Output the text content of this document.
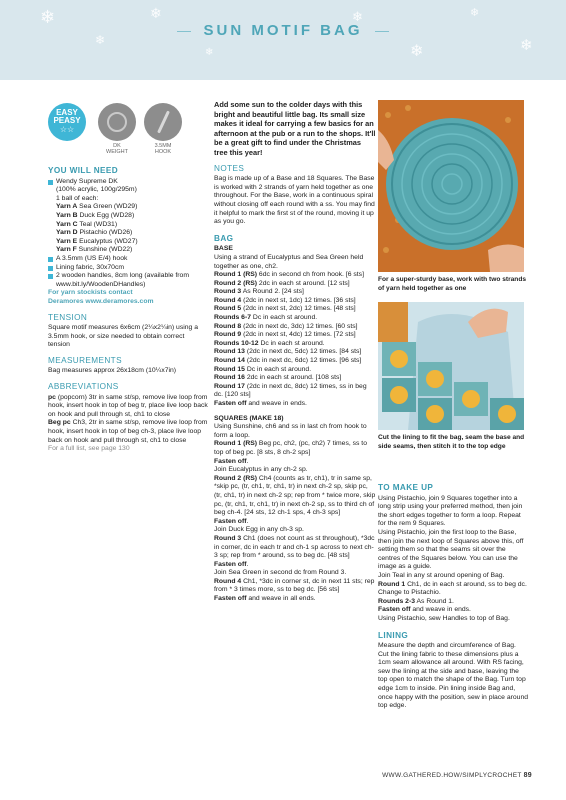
❄
❄
❄
❄
❄
❄
❄
❄
— SUN MOTIF BAG —
EASY
PEASY
☆☆
DK
WEIGHT
3.5MM
HOOK
YOU WILL NEED
Wendy Supreme DK
(100% acrylic, 100g/295m)
1 ball of each:
Yarn A Sea Green (WD29)
Yarn B Duck Egg (WD28)
Yarn C Teal (WD31)
Yarn D Pistachio (WD26)
Yarn E Eucalyptus (WD27)
Yarn F Sunshine (WD22)
A 3.5mm (US E/4) hook
Lining fabric, 30x70cm
2 wooden handles, 8cm long (available from www.bit.ly/WoodenDHandles)
For yarn stockists contact
Deramores www.deramores.com
TENSION
Square motif measures 6x6cm (2¼x2¼in) using a 3.5mm hook, or size needed to obtain correct tension
MEASUREMENTS
Bag measures approx 26x18cm (10¼x7in)
ABBREVIATIONS
pc (popcorn) 3tr in same st/sp, remove live loop from hook, insert hook in top of beg tr, place live loop back on hook and pull through st, ch1 to close
Beg pc Ch3, 2tr in same st/sp, remove live loop from hook, insert hook in top of beg ch-3, place live loop back on hook and pull through st, ch1 to close
For a full list, see page 130
Add some sun to the colder days with this bright and beautiful little bag. Its small size makes it ideal for carrying a few basics for an afternoon at the pub or a run to the shops. It'll be a great gift to find under the Christmas tree this year!
NOTES
Bag is made up of a Base and 18 Squares. The Base is worked with 2 strands of yarn held together as one throughout. For the Base, work in a continuous spiral without closing off each round with a ss. You may find it helpful to mark the first st of the round, moving it up as you go.
BAG
BASE
Using a strand of Eucalyptus and Sea Green held together as one, ch2.
Round 1 (RS) 6dc in second ch from hook. [6 sts]
Round 2 (RS) 2dc in each st around. [12 sts]
Round 3 As Round 2. [24 sts]
Round 4 (2dc in next st, 1dc) 12 times. [36 sts]
Round 5 (2dc in next st, 2dc) 12 times. [48 sts]
Rounds 6-7 Dc in each st around.
Round 8 (2dc in next dc, 3dc) 12 times. [60 sts]
Round 9 (2dc in next st, 4dc) 12 times. [72 sts]
Rounds 10-12 Dc in each st around.
Round 13 (2dc in next dc, 5dc) 12 times. [84 sts]
Round 14 (2dc in next dc, 6dc) 12 times. [96 sts]
Round 15 Dc in each st around.
Round 16 2dc in each st around. [108 sts]
Round 17 (2dc in next dc, 8dc) 12 times, ss in beg dc. [120 sts]
Fasten off and weave in ends.
SQUARES (MAKE 18)
Using Sunshine, ch6 and ss in last ch from hook to form a loop.
Round 1 (RS) Beg pc, ch2, (pc, ch2) 7 times, ss to top of beg pc. [8 sts, 8 ch-2 sps]
Fasten off.
Join Eucalyptus in any ch-2 sp.
Round 2 (RS) Ch4 (counts as tr, ch1), tr in same sp, *skip pc, (tr, ch1, tr, ch1, tr) in next ch-2 sp, skip pc, (tr, ch1, tr) in next ch-2 sp; rep from * twice more, skip pc, (tr, ch1, tr, ch1, tr) in next ch-2 sp, ss to third ch of beg ch-4. [24 sts, 12 ch-1 sps, 4 ch-3 sps]
Fasten off.
Join Duck Egg in any ch-3 sp.
Round 3 Ch1 (does not count as st throughout), *3dc in corner, dc in each tr and ch-1 sp across to next ch-3 sp; rep from * around, ss to beg dc. [48 sts]
Fasten off.
Join Sea Green in second dc from Round 3.
Round 4 Ch1, *3dc in corner st, dc in next 11 sts; rep from * 3 times more, ss to beg dc. [56 sts]
Fasten off and weave in all ends.
For a super-sturdy base, work with two strands of yarn held together as one
Cut the lining to fit the bag, seam the base and side seams, then stitch it to the top edge
TO MAKE UP
Using Pistachio, join 9 Squares together into a long strip using your preferred method, then join the short edges together to form a loop. Repeat for the rem 9 Squares.
Using Pistachio, join the first loop to the Base, then join the next loop of Squares above this, off setting them so that the seams sit over the centres of the Squares below. You can use the image as a guide.
Join Teal in any st around opening of Bag.
Round 1 Ch1, dc in each st around, ss to beg dc.
Change to Pistachio.
Rounds 2-3 As Round 1.
Fasten off and weave in ends.
Using Pistachio, sew Handles to top of Bag.
LINING
Measure the depth and circumference of Bag. Cut the lining fabric to these dimensions plus a 1cm seam allowance all around. With RS facing, sew the lining at the side and base, leaving the top open to match the shape of the Bag. Turn top edge 1cm to inside. Pin lining inside Bag and, once happy with the position, sew in place around top edge.
WWW.GATHERED.HOW/SIMPLYCROCHET 89
